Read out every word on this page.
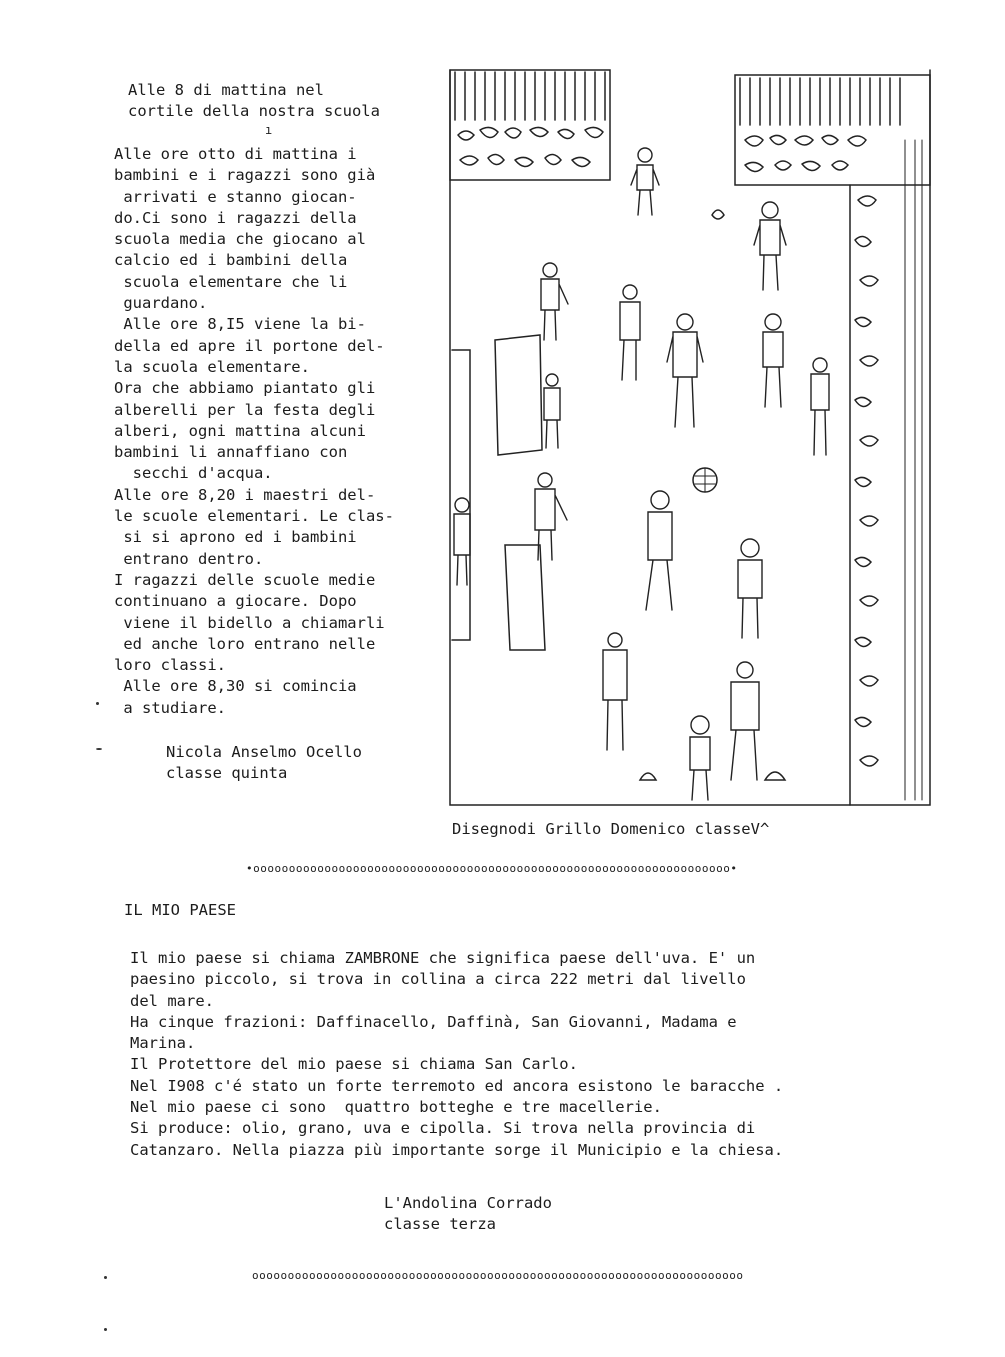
Alle 8 di mattina nel
cortile della nostra scuola
ı
Alle ore otto di mattina i
bambini e i ragazzi sono già
arrivati e stanno giocan-
do.Ci sono i ragazzi della
scuola media che giocano al
calcio ed i bambini della
scuola elementare che li
guardano.
Alle ore 8,I5 viene la bi-
della ed apre il portone del-
la scuola elementare.
Ora che abbiamo piantato gli
alberelli per la festa degli
alberi, ogni mattina alcuni
bambini li annaffiano con
secchi d'acqua.
Alle ore 8,20 i maestri del-
le scuole elementari. Le clas-
si si aprono ed i bambini
entrano dentro.
I ragazzi delle scuole medie
continuano a giocare. Dopo
viene il bidello a chiamarli
ed anche loro entrano nelle
loro classi.
Alle ore 8,30 si comincia
a studiare.
Nicola Anselmo Ocello
classe quinta
Disegnodi Grillo Domenico classeV^
•ooooooooooooooooooooooooooooooooooooooooooooooooooooooooooooooooooo•
IL MIO PAESE
Il mio paese si chiama ZAMBRONE che significa paese dell'uva. E' un
paesino piccolo, si trova in collina a circa 222 metri dal livello
del mare.
Ha cinque frazioni: Daffinacello, Daffinà, San Giovanni, Madama e
Marina.
Il Protettore del mio paese si chiama San Carlo.
Nel I908 c'é stato un forte terremoto ed ancora esistono le baracche .
Nel mio paese ci sono  quattro botteghe e tre macellerie.
Si produce: olio, grano, uva e cipolla. Si trova nella provincia di
Catanzaro. Nella piazza più importante sorge il Municipio e la chiesa.
L'Andolina Corrado
classe terza
ooooooooooooooooooooooooooooooooooooooooooooooooooooooooooooooooooooo
